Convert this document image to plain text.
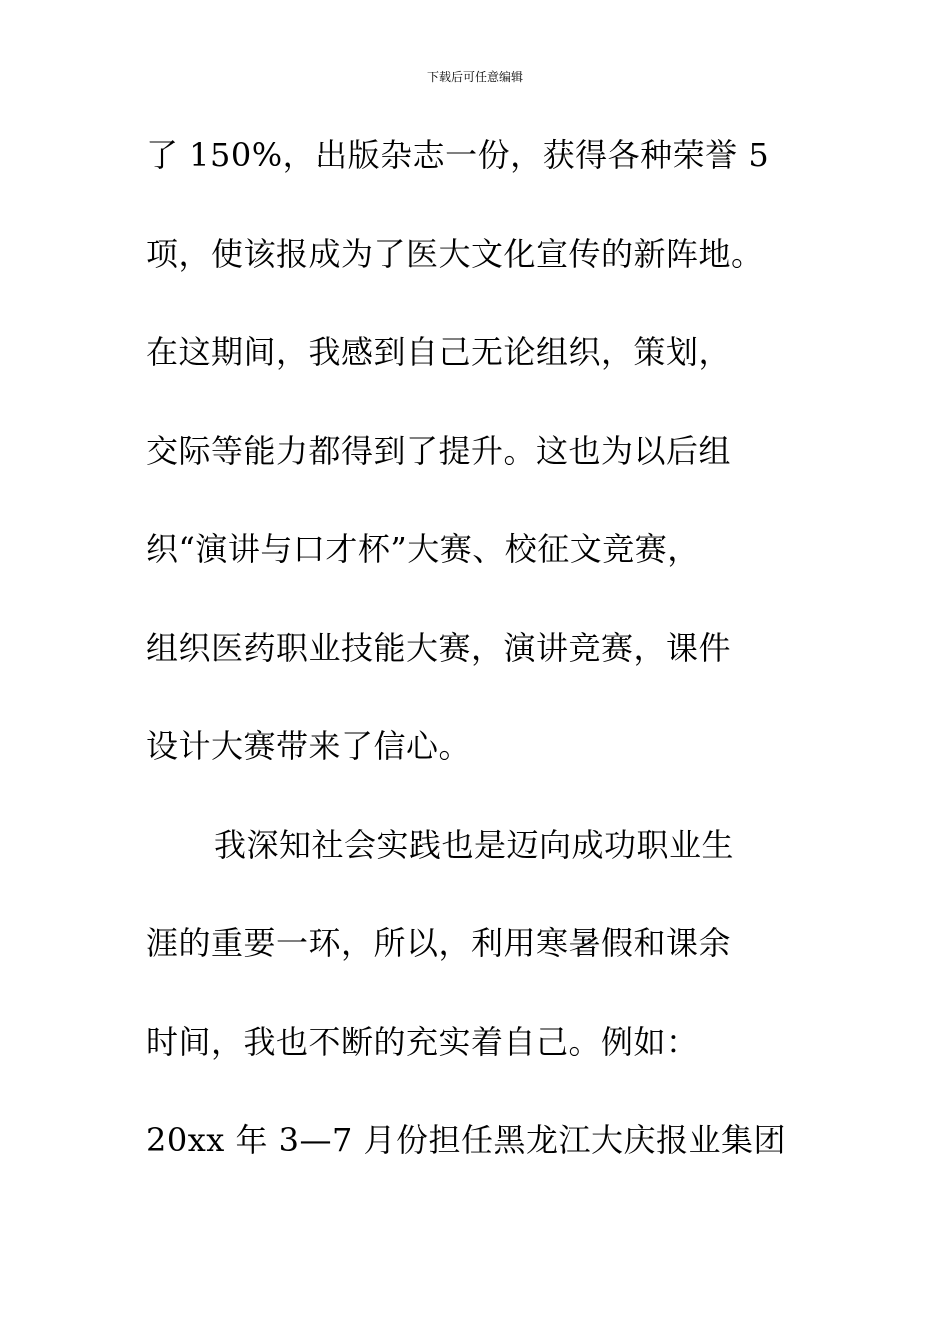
下载后可任意编辑
了 150%，出版杂志一份，获得各种荣誉 5
项，使该报成为了医大文化宣传的新阵地。
在这期间，我感到自己无论组织，策划，
交际等能力都得到了提升。这也为以后组
织“演讲与口才杯”大赛、校征文竞赛，
组织医药职业技能大赛，演讲竞赛，课件
设计大赛带来了信心。
我深知社会实践也是迈向成功职业生
涯的重要一环，所以，利用寒暑假和课余
时间，我也不断的充实着自己。例如：
20xx 年 3—7 月份担任黑龙江大庆报业集团
